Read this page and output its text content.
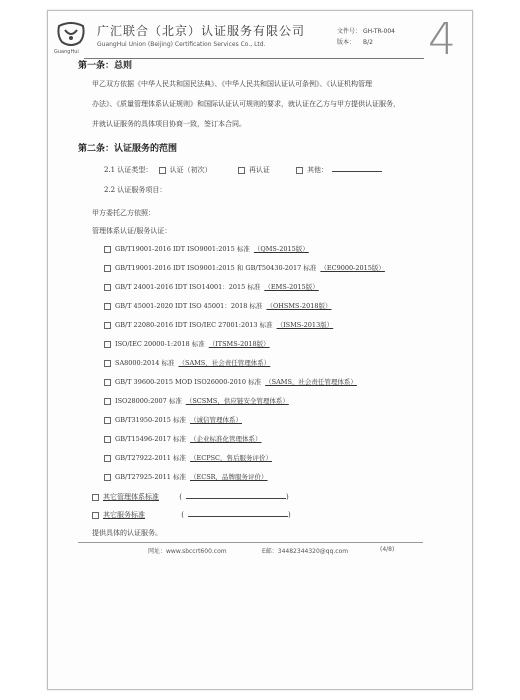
GuangHui
广汇联合（北京）认证服务有限公司
GuangHui Union (Beijing) Certification Services Co., Ltd.
文件号： GH-TR-004
版本： B/2	4
第一条：总则
甲乙双方依据《中华人民共和国民法典》、《中华人民共和国认证认可条例》、《认证机构管理
办法》、《质量管理体系认证规则》和国际认证认可规则的要求，就认证在乙方与甲方提供认证服务，
并就认证服务的具体项目协商一致，签订本合同。
第二条：认证服务的范围
2.1 认证类型： 认证（初次）	再认证	其他：
2.2 认证服务项目：
甲方委托乙方依照：
管理体系认证/服务认证：
GB/T19001-2016 IDT ISO9001:2015 标准 （QMS-2015版）
GB/T19001-2016 IDT ISO9001:2015 和 GB/T50430-2017 标准 （EC9000-2015版）
GB/T 24001-2016 IDT ISO14001：2015 标准 （EMS-2015版）
GB/T 45001-2020 IDT ISO 45001：2018 标准 （OHSMS-2018版）
GB/T 22080-2016 IDT ISO/IEC 27001:2013 标准 （ISMS-2013版）
ISO/IEC 20000-1:2018 标准 （ITSMS-2018版）
SA8000:2014 标准 （SAMS，社会责任管理体系）
GB/T 39600-2015 MOD ISO26000-2010 标准 （SAMS，社会责任管理体系）
ISO28000:2007 标准 （SCSMS，供应链安全管理体系）
GB/T31950-2015 标准 （诚信管理体系）
GB/T15496-2017 标准 （企业标准化管理体系）
GB/T27922-2011 标准 （ECPSC，售后服务评价）
GB/T27925-2011 标准 （ECSR，品牌服务评价）
其它管理体系标准	(	)
其它服务标准	(	)
提供具体的认证服务。
网址：www.sbccrt600.com	E邮：34482344320@qq.com	(4/8)
